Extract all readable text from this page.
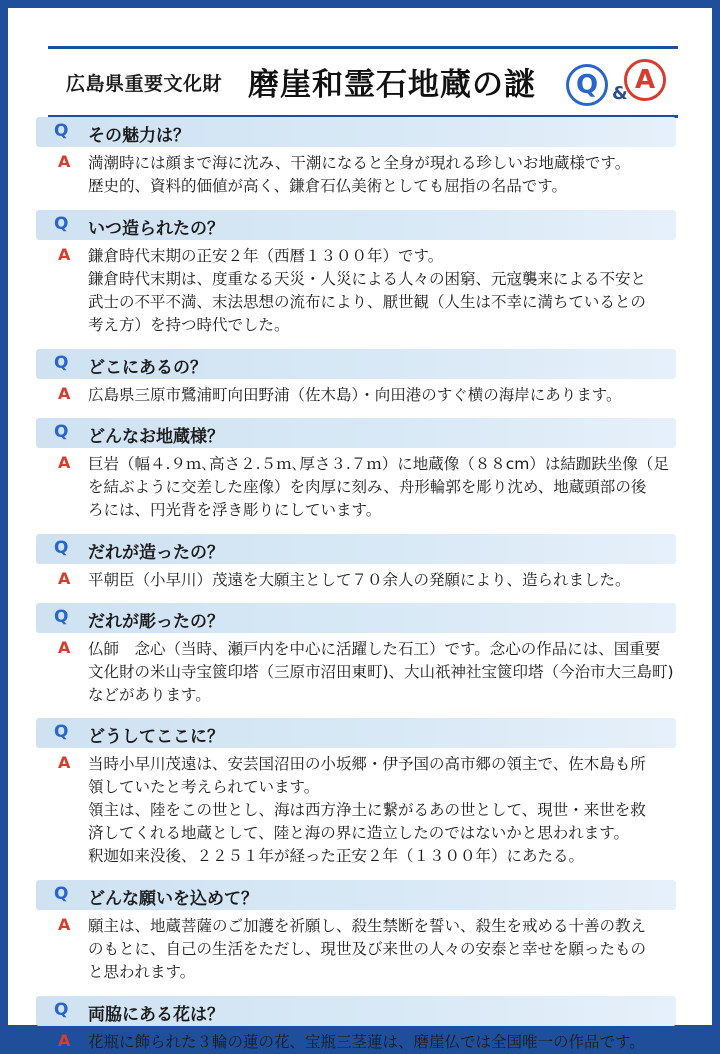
広島県重要文化財 磨崖和霊石地蔵の謎	Q & A
Q その魅力は？
A 満潮時には顔まで海に沈み、干潮になると全身が現れる珍しいお地蔵様です。
歴史的、資料的価値が高く、鎌倉石仏美術としても屈指の名品です。
Q いつ造られたの？
A 鎌倉時代末期の正安２年（西暦１３００年）です。
鎌倉時代末期は、度重なる天災・人災による人々の困窮、元寇襲来による不安と
武士の不平不満、末法思想の流布により、厭世観（人生は不幸に満ちているとの
考え方）を持つ時代でした。
Q どこにあるの？
A 広島県三原市鷺浦町向田野浦（佐木島）・向田港のすぐ横の海岸にあります。
Q どんなお地蔵様？
A 巨岩（幅４.９ｍ､高さ２.５ｍ､厚さ３.７ｍ）に地蔵像（８８cm）は結跏趺坐像（足
を結ぶように交差した座像）を肉厚に刻み、舟形輪郭を彫り沈め、地蔵頭部の後
ろには、円光背を浮き彫りにしています。
Q だれが造ったの？
A 平朝臣（小早川）茂遠を大願主として７０余人の発願により、造られました。
Q だれが彫ったの？
A 仏師　念心（当時、瀬戸内を中心に活躍した石工）です。念心の作品には、国重要
文化財の米山寺宝篋印塔（三原市沼田東町)、大山祇神社宝篋印塔（今治市大三島町)
などがあります。
Q どうしてここに？
A 当時小早川茂遠は、安芸国沼田の小坂郷・伊予国の高市郷の領主で、佐木島も所
領していたと考えられています。
領主は、陸をこの世とし、海は西方浄土に繋がるあの世として、現世・来世を救
済してくれる地蔵として、陸と海の界に造立したのではないかと思われます。
釈迦如来没後、２２５１年が経った正安２年（１３００年）にあたる。
Q どんな願いを込めて？
A 願主は、地蔵菩薩のご加護を祈願し、殺生禁断を誓い、殺生を戒める十善の教え
のもとに、自己の生活をただし、現世及び来世の人々の安泰と幸せを願ったもの
と思われます。
Q 両脇にある花は？
A 花瓶に飾られた３輪の蓮の花、宝瓶三茎蓮は、磨崖仏では全国唯一の作品です。
